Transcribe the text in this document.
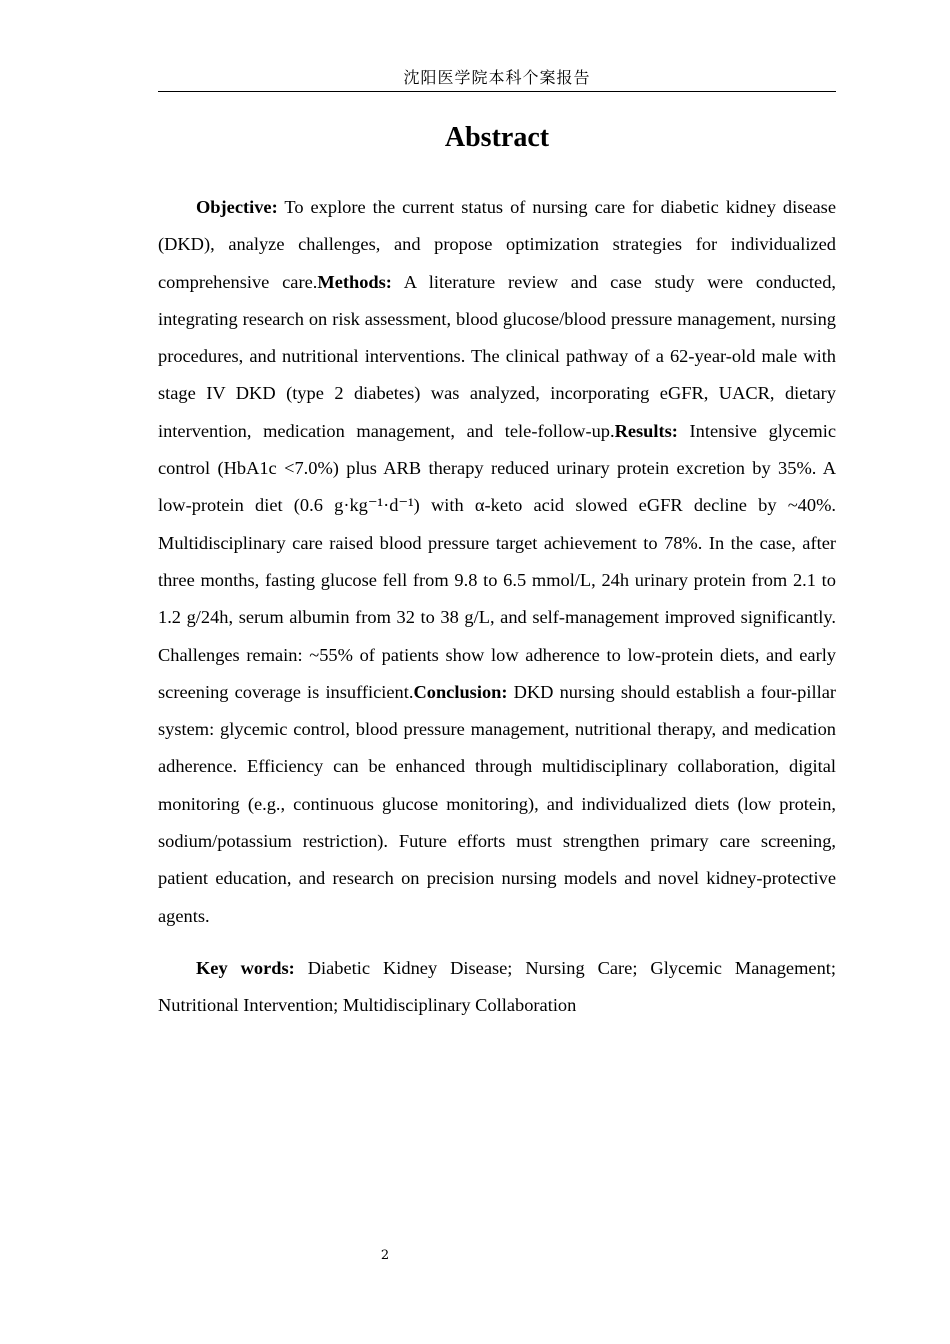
沈阳医学院本科个案报告
Abstract

Objective: To explore the current status of nursing care for diabetic kidney disease (DKD), analyze challenges, and propose optimization strategies for individualized comprehensive care.Methods: A literature review and case study were conducted, integrating research on risk assessment, blood glucose/blood pressure management, nursing procedures, and nutritional interventions. The clinical pathway of a 62-year-old male with stage IV DKD (type 2 diabetes) was analyzed, incorporating eGFR, UACR, dietary intervention, medication management, and tele-follow-up.Results: Intensive glycemic control (HbA1c <7.0%) plus ARB therapy reduced urinary protein excretion by 35%. A low-protein diet (0.6 g·kg⁻¹·d⁻¹) with α-keto acid slowed eGFR decline by ~40%. Multidisciplinary care raised blood pressure target achievement to 78%. In the case, after three months, fasting glucose fell from 9.8 to 6.5 mmol/L, 24h urinary protein from 2.1 to 1.2 g/24h, serum albumin from 32 to 38 g/L, and self-management improved significantly. Challenges remain: ~55% of patients show low adherence to low-protein diets, and early screening coverage is insufficient.Conclusion: DKD nursing should establish a four-pillar system: glycemic control, blood pressure management, nutritional therapy, and medication adherence. Efficiency can be enhanced through multidisciplinary collaboration, digital monitoring (e.g., continuous glucose monitoring), and individualized diets (low protein, sodium/potassium restriction). Future efforts must strengthen primary care screening, patient education, and research on precision nursing models and novel kidney-protective agents.

Key words: Diabetic Kidney Disease; Nursing Care; Glycemic Management; Nutritional Intervention; Multidisciplinary Collaboration

2
